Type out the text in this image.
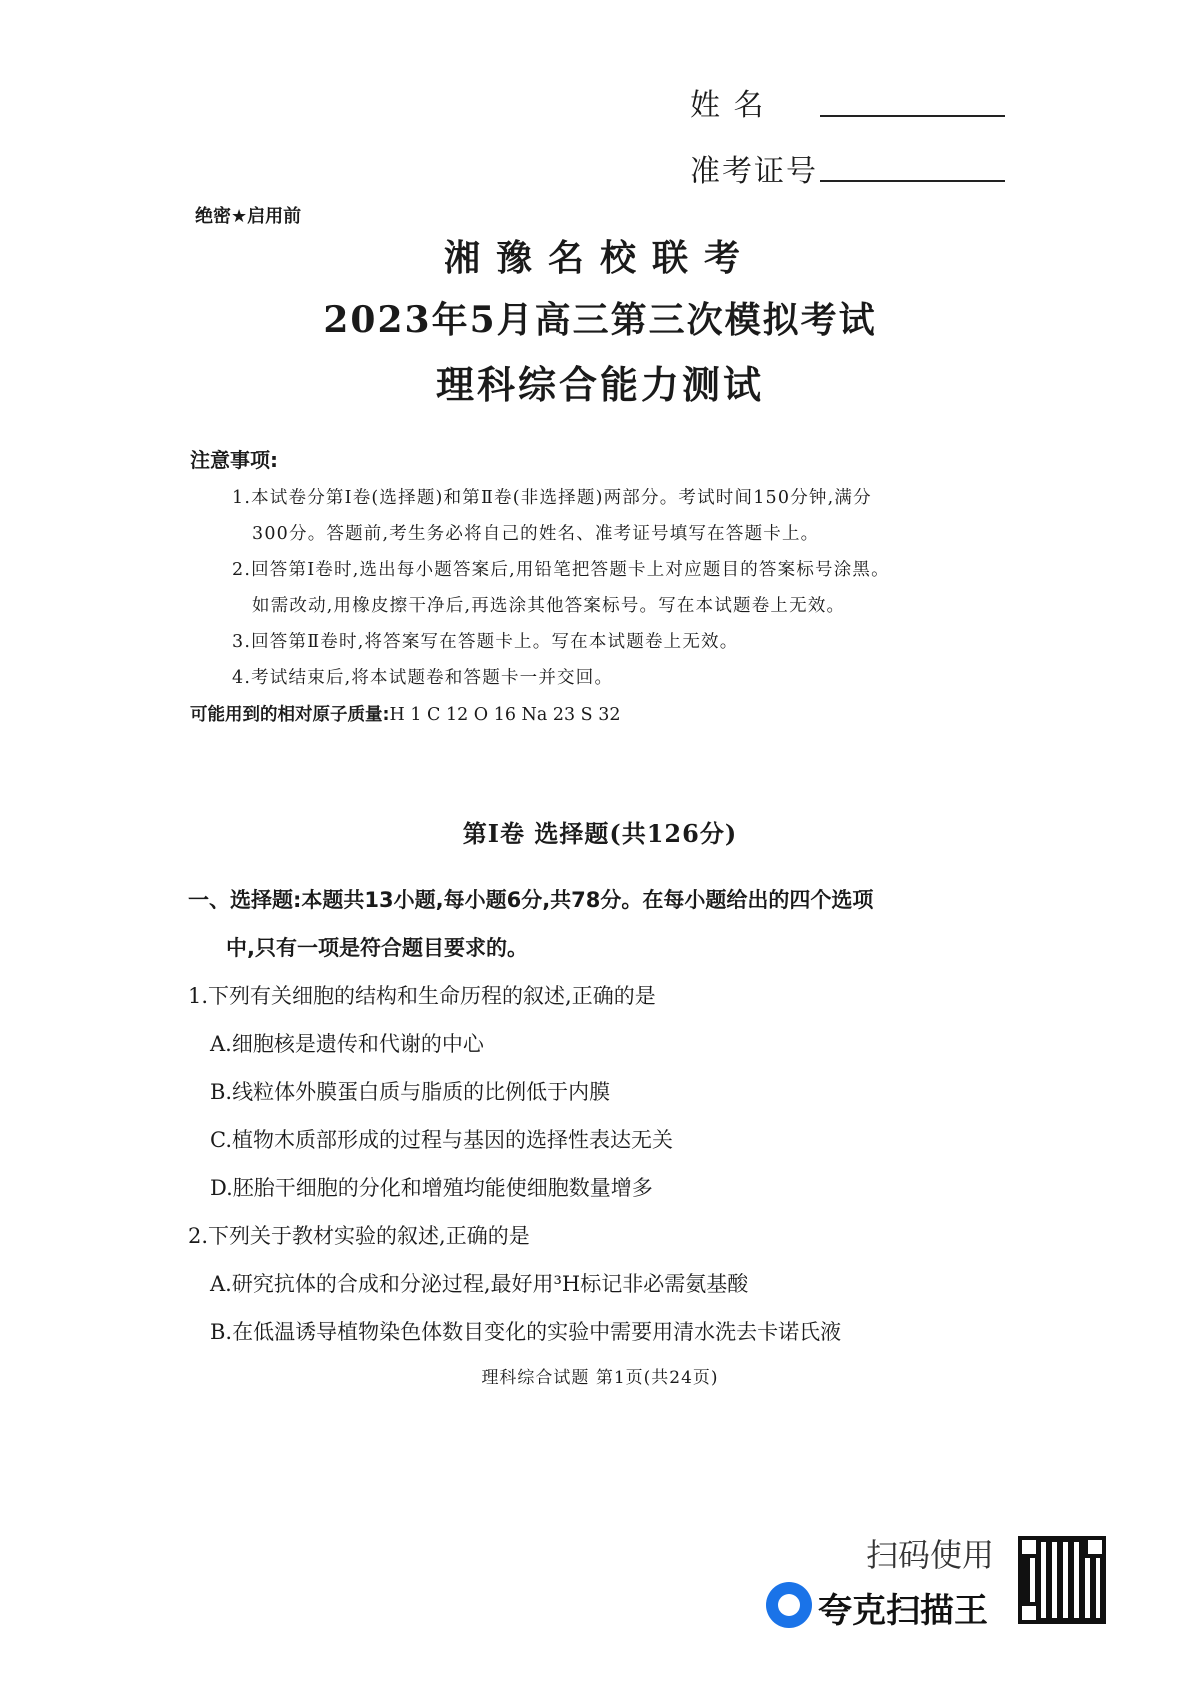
姓 名
准考证号
绝密★启用前
湘豫名校联考
2023年5月高三第三次模拟考试
理科综合能力测试
注意事项:
1.本试卷分第Ⅰ卷(选择题)和第Ⅱ卷(非选择题)两部分。考试时间150分钟,满分
300分。答题前,考生务必将自己的姓名、准考证号填写在答题卡上。
2.回答第Ⅰ卷时,选出每小题答案后,用铅笔把答题卡上对应题目的答案标号涂黑。
如需改动,用橡皮擦干净后,再选涂其他答案标号。写在本试题卷上无效。
3.回答第Ⅱ卷时,将答案写在答题卡上。写在本试题卷上无效。
4.考试结束后,将本试题卷和答题卡一并交回。
可能用到的相对原子质量:H 1 C 12 O 16 Na 23 S 32
第Ⅰ卷 选择题(共126分)
一、选择题:本题共13小题,每小题6分,共78分。在每小题给出的四个选项
中,只有一项是符合题目要求的。
1.下列有关细胞的结构和生命历程的叙述,正确的是
A.细胞核是遗传和代谢的中心
B.线粒体外膜蛋白质与脂质的比例低于内膜
C.植物木质部形成的过程与基因的选择性表达无关
D.胚胎干细胞的分化和增殖均能使细胞数量增多
2.下列关于教材实验的叙述,正确的是
A.研究抗体的合成和分泌过程,最好用³H标记非必需氨基酸
B.在低温诱导植物染色体数目变化的实验中需要用清水洗去卡诺氏液
理科综合试题 第1页(共24页)
扫码使用
夸克扫描王
